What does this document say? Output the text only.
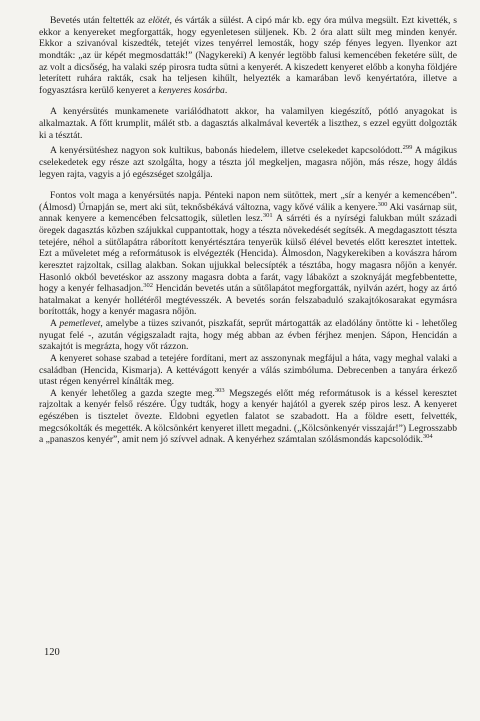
Bevetés után feltették az elötét, és várták a sülést. A cipó már kb. egy óra múlva megsült. Ezt kivették, s ekkor a kenyereket megforgatták, hogy egyenletesen süljenek. Kb. 2 óra alatt sült meg minden kenyér. Ekkor a szivanóval kiszedték, tetejét vizes tenyérrel lemosták, hogy szép fényes legyen. Ilyenkor azt mondták: „az ür képét megmosdatták!” (Nagykereki) A kenyér legtöbb falusi kemencében feketére sült, de az volt a dicsőség, ha valaki szép pirosra tudta sütni a kenyerét. A kiszedett kenyeret előbb a konyha földjére leterített ruhára rakták, csak ha teljesen kihűlt, helyezték a kamarában levő kenyértatóra, illetve a fogyasztásra kerülő kenyeret a kenyeres kosárba.

A kenyérsütés munkamenete variálódhatott akkor, ha valamilyen kiegészítő, pótló anyagokat is alkalmaztak. A főtt krumplit, málét stb. a dagasztás alkalmával keverték a liszthez, s ezzel együtt dolgozták ki a tésztát.

A kenyérsütéshez nagyon sok kultikus, babonás hiedelem, illetve cselekedet kapcsolódott.$^{299}$ A mágikus cselekedetek egy része azt szolgálta, hogy a tészta jól megkeljen, magasra nőjön, más része, hogy áldás legyen rajta, vagyis a jó egészséget szolgálja.

Fontos volt maga a kenyérsütés napja. Pénteki napon nem sütöttek, mert „sír a kenyér a kemencében”. (Álmosd) Úrnapján se, mert aki süt, teknősbékává változna, vagy kővé válik a kenyere.$^{300}$ Aki vasárnap süt, annak kenyere a kemencében felcsattogik, sületlen lesz.$^{301}$ A sárréti és a nyírségi falukban múlt századi öregek dagasztás közben szájukkal cuppantottak, hogy a tészta növekedését segítsék. A megdagasztott tészta tetejére, néhol a sütőlapátra ráborított kenyértésztára tenyerük külső élével bevetés előtt keresztet intettek. Ezt a műveletet még a reformátusok is elvégezték (Hencida). Álmosdon, Nagykerekiben a kovászra három keresztet rajzoltak, csillag alakban. Sokan ujjukkal belecsípték a tésztába, hogy magasra nőjön a kenyér. Hasonló okból bevetéskor az asszony magasra dobta a farát, vagy lábaközt a szoknyáját megfebbentette, hogy a kenyér felhasadjon.$^{302}$ Hencidán bevetés után a sütőlapátot megforgatták, nyilván azért, hogy az ártó hatalmakat a kenyér hollétéről megtévesszék. A bevetés során felszabaduló szakajtókosarakat egymásra borították, hogy a kenyér magasra nőjön.

A pemetlevet, amelybe a tüzes szivanót, piszkafát, seprűt mártogatták az eladólány öntötte ki - lehetőleg nyugat felé -, azután végigszaladt rajta, hogy még abban az évben férjhez menjen. Sápon, Hencidán a szakajtót is megrázta, hogy vőt rázzon.

A kenyeret sohase szabad a tetejére fordítani, mert az asszonynak megfájul a háta, vagy meghal valaki a családban (Hencida, Kismarja). A kettévágott kenyér a válás szimbóluma. Debrecenben a tanyára érkező utast régen kenyérrel kínálták meg.

A kenyér lehetőleg a gazda szegte meg.$^{303}$ Megszegés előtt még reformátusok is a késsel keresztet rajzoltak a kenyér felső részére. Úgy tudták, hogy a kenyér hajától a gyerek szép piros lesz. A kenyeret egészében is tisztelet övezte. Eldobni egyetlen falatot se szabadott. Ha a földre esett, felvették, megcsókolták és megették. A kölcsönkért kenyeret illett megadni. („Kölcsönkenyér visszajár!”) Legrosszabb a „panaszos kenyér”, amit nem jó szívvel adnak. A kenyérhez számtalan szólásmondás kapcsolódik.$^{304}$

120
